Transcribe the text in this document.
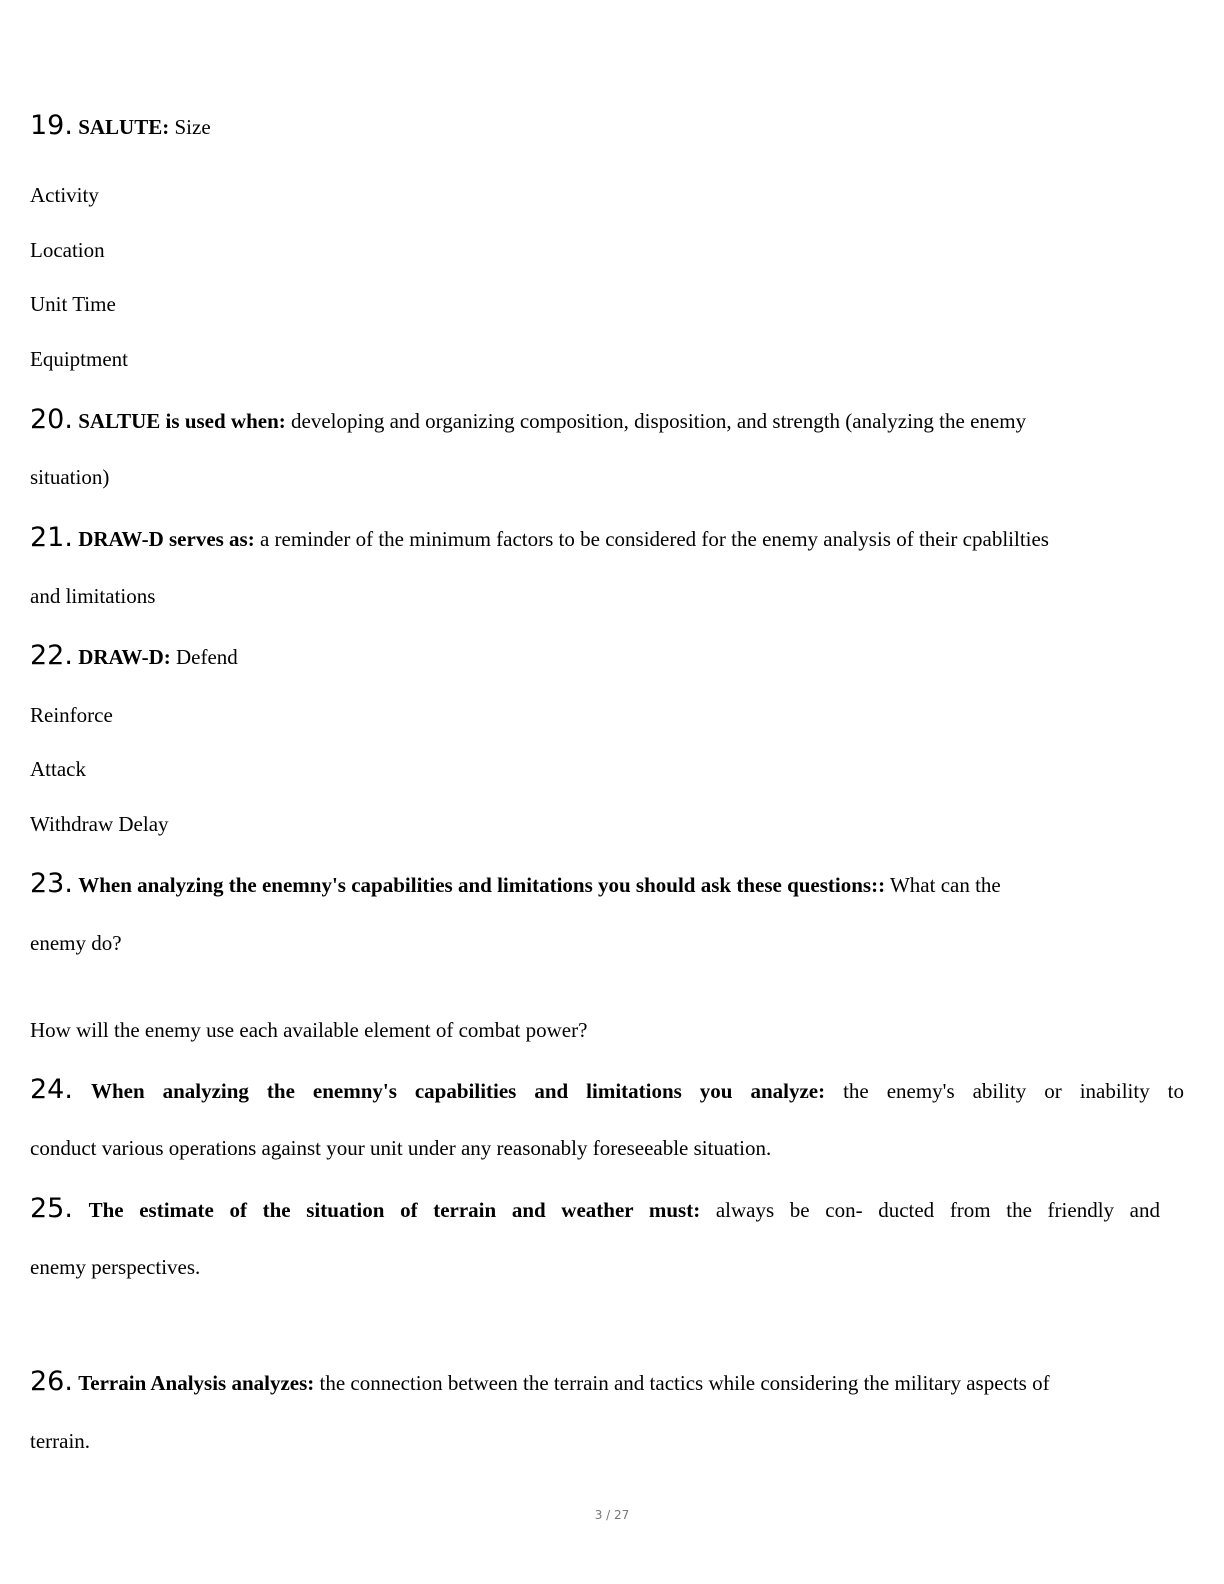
19. SALUTE: Size
Activity
Location
Unit Time
Equiptment
20. SALTUE is used when: developing and organizing composition, disposition, and strength (analyzing the enemy
situation)
21. DRAW-D serves as: a reminder of the minimum factors to be considered for the enemy analysis of their cpablilties
and limitations
22. DRAW-D: Defend
Reinforce
Attack
Withdraw Delay
23. When analyzing the enemny's capabilities and limitations you should ask these questions:: What can the
enemy do?
How will the enemy use each available element of combat power?
24. When analyzing the enemny's capabilities and limitations you analyze: the enemy's ability or inability to
conduct various operations against your unit under any reasonably foreseeable situation.
25. The estimate of the situation of terrain and weather must: always be con- ducted from the friendly and
enemy perspectives.
26. Terrain Analysis analyzes: the connection between the terrain and tactics while considering the military aspects of
terrain.
3 / 27
